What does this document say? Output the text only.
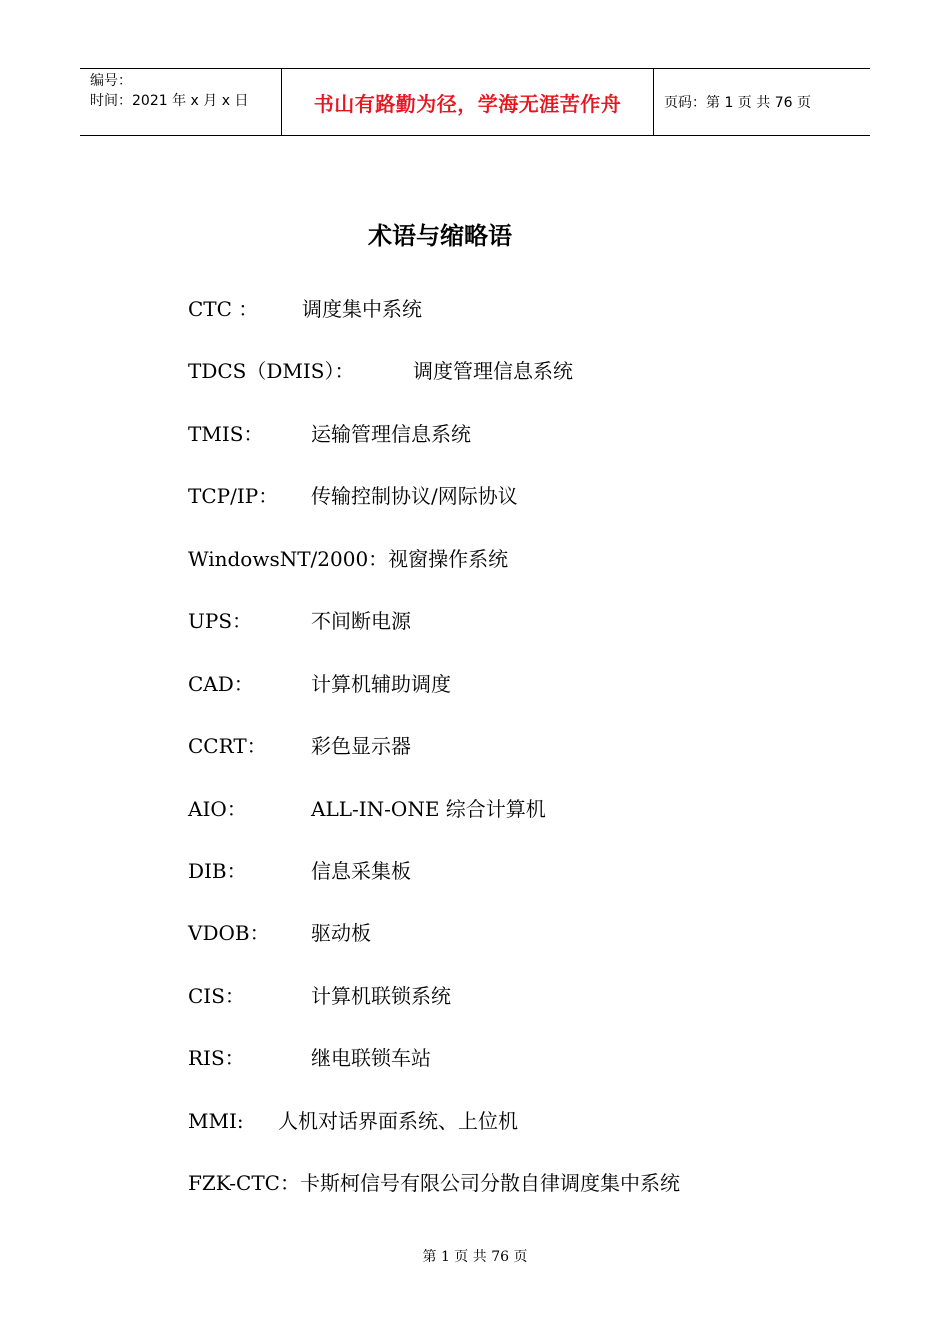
编号：
时间：2021 年 x 月 x 日	书山有路勤为径，学海无涯苦作舟	页码：第 1 页 共 76 页
术语与缩略语
CTC ： 调度集中系统
TDCS（DMIS）：	调度管理信息系统
TMIS： 运输管理信息系统
TCP/IP： 传输控制协议/网际协议
WindowsNT/2000：视窗操作系统
UPS：	不间断电源
CAD：	计算机辅助调度
CCRT： 彩色显示器
AIO：	ALL-IN-ONE 综合计算机
DIB：	信息采集板
VDOB： 驱动板
CIS：	计算机联锁系统
RIS：	继电联锁车站
MMI: 人机对话界面系统、上位机
FZK-CTC：卡斯柯信号有限公司分散自律调度集中系统
第 1 页 共 76 页
